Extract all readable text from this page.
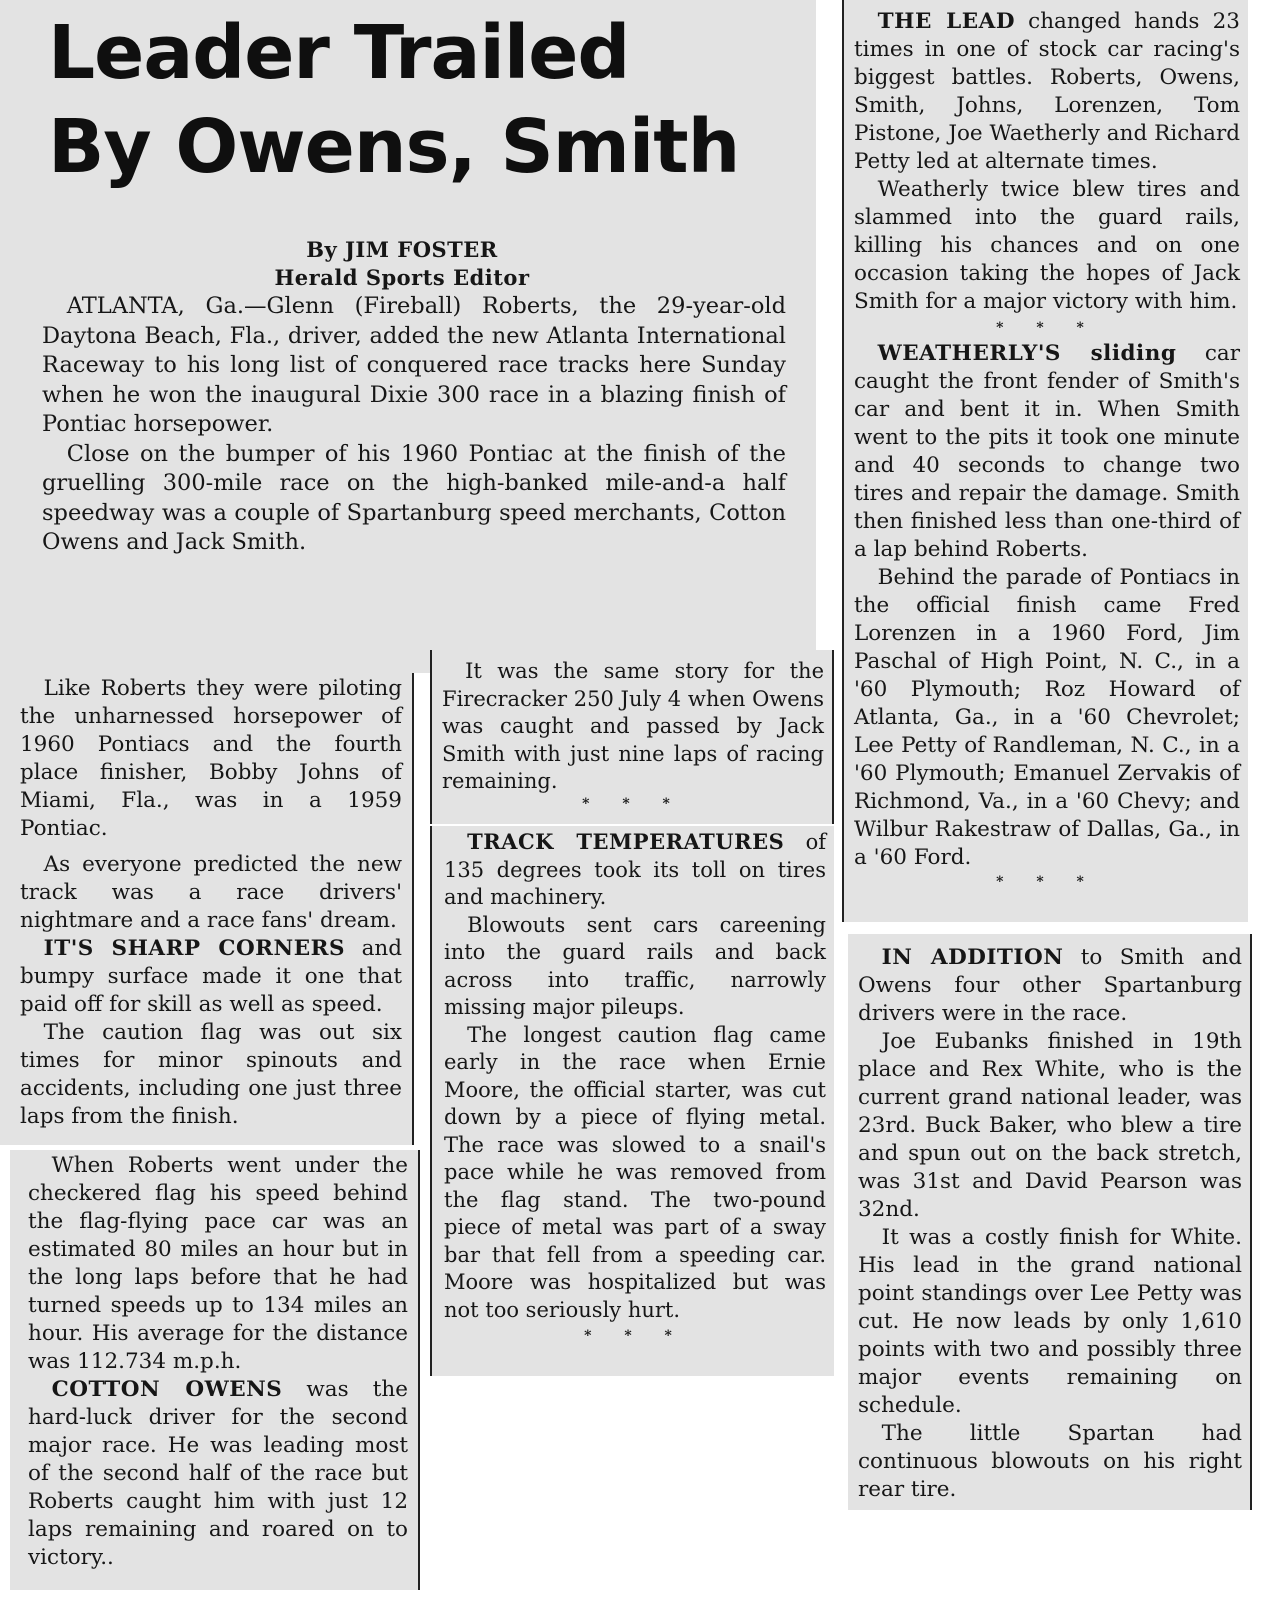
Leader Trailed
By Owens, Smith
By JIM FOSTER
Herald Sports Editor

ATLANTA, Ga.—Glenn (Fireball) Roberts, the 29-year-old Daytona Beach, Fla., driver, added the new Atlanta International Raceway to his long list of conquered race tracks here Sunday when he won the inaugural Dixie 300 race in a blazing finish of Pontiac horsepower.

Close on the bumper of his 1960 Pontiac at the finish of the gruelling 300-mile race on the high-banked mile-and-a half speedway was a couple of Spartanburg speed merchants, Cotton Owens and Jack Smith.

Like Roberts they were piloting the unharnessed horsepower of 1960 Pontiacs and the fourth place finisher, Bobby Johns of Miami, Fla., was in a 1959 Pontiac.

As everyone predicted the new track was a race drivers' nightmare and a race fans' dream.

IT'S SHARP CORNERS and bumpy surface made it one that paid off for skill as well as speed.

The caution flag was out six times for minor spinouts and accidents, including one just three laps from the finish.

When Roberts went under the checkered flag his speed behind the flag-flying pace car was an estimated 80 miles an hour but in the long laps before that he had turned speeds up to 134 miles an hour. His average for the distance was 112.734 m.p.h.

COTTON OWENS was the hard-luck driver for the second major race. He was leading most of the second half of the race but Roberts caught him with just 12 laps remaining and roared on to victory..

It was the same story for the Firecracker 250 July 4 when Owens was caught and passed by Jack Smith with just nine laps of racing remaining.

* * *

TRACK TEMPERATURES of 135 degrees took its toll on tires and machinery.

Blowouts sent cars careening into the guard rails and back across into traffic, narrowly missing major pileups.

The longest caution flag came early in the race when Ernie Moore, the official starter, was cut down by a piece of flying metal. The race was slowed to a snail's pace while he was removed from the flag stand. The two-pound piece of metal was part of a sway bar that fell from a speeding car. Moore was hospitalized but was not too seriously hurt.

* * *

THE LEAD changed hands 23 times in one of stock car racing's biggest battles. Roberts, Owens, Smith, Johns, Lorenzen, Tom Pistone, Joe Waetherly and Richard Petty led at alternate times.

Weatherly twice blew tires and slammed into the guard rails, killing his chances and on one occasion taking the hopes of Jack Smith for a major victory with him.

* * *

WEATHERLY'S sliding car caught the front fender of Smith's car and bent it in. When Smith went to the pits it took one minute and 40 seconds to change two tires and repair the damage. Smith then finished less than one-third of a lap behind Roberts.

Behind the parade of Pontiacs in the official finish came Fred Lorenzen in a 1960 Ford, Jim Paschal of High Point, N. C., in a '60 Plymouth; Roz Howard of Atlanta, Ga., in a '60 Chevrolet; Lee Petty of Randleman, N. C., in a '60 Plymouth; Emanuel Zervakis of Richmond, Va., in a '60 Chevy; and Wilbur Rakestraw of Dallas, Ga., in a '60 Ford.

* * *

IN ADDITION to Smith and Owens four other Spartanburg drivers were in the race.

Joe Eubanks finished in 19th place and Rex White, who is the current grand national leader, was 23rd. Buck Baker, who blew a tire and spun out on the back stretch, was 31st and David Pearson was 32nd.

It was a costly finish for White. His lead in the grand national point standings over Lee Petty was cut. He now leads by only 1,610 points with two and possibly three major events remaining on schedule.

The little Spartan had continuous blowouts on his right rear tire.
